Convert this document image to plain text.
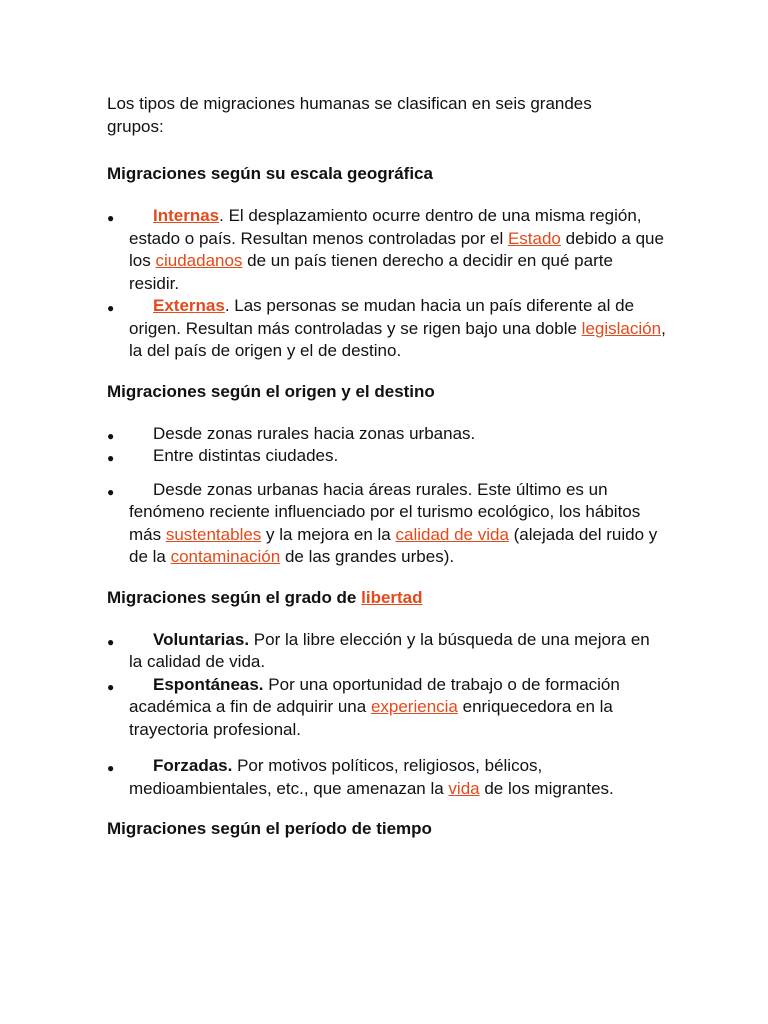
Los tipos de migraciones humanas se clasifican en seis grandes grupos:

Migraciones según su escala geográfica
● Internas. El desplazamiento ocurre dentro de una misma región, estado o país. Resultan menos controladas por el Estado debido a que los ciudadanos de un país tienen derecho a decidir en qué parte residir.
● Externas. Las personas se mudan hacia un país diferente al de origen. Resultan más controladas y se rigen bajo una doble legislación, la del país de origen y el de destino.
Migraciones según el origen y el destino
● Desde zonas rurales hacia zonas urbanas.
● Entre distintas ciudades.
● Desde zonas urbanas hacia áreas rurales. Este último es un fenómeno reciente influenciado por el turismo ecológico, los hábitos más sustentables y la mejora en la calidad de vida (alejada del ruido y de la contaminación de las grandes urbes).
Migraciones según el grado de libertad
● Voluntarias. Por la libre elección y la búsqueda de una mejora en la calidad de vida.
● Espontáneas. Por una oportunidad de trabajo o de formación académica a fin de adquirir una experiencia enriquecedora en la trayectoria profesional.
● Forzadas. Por motivos políticos, religiosos, bélicos, medioambientales, etc., que amenazan la vida de los migrantes.
Migraciones según el período de tiempo
